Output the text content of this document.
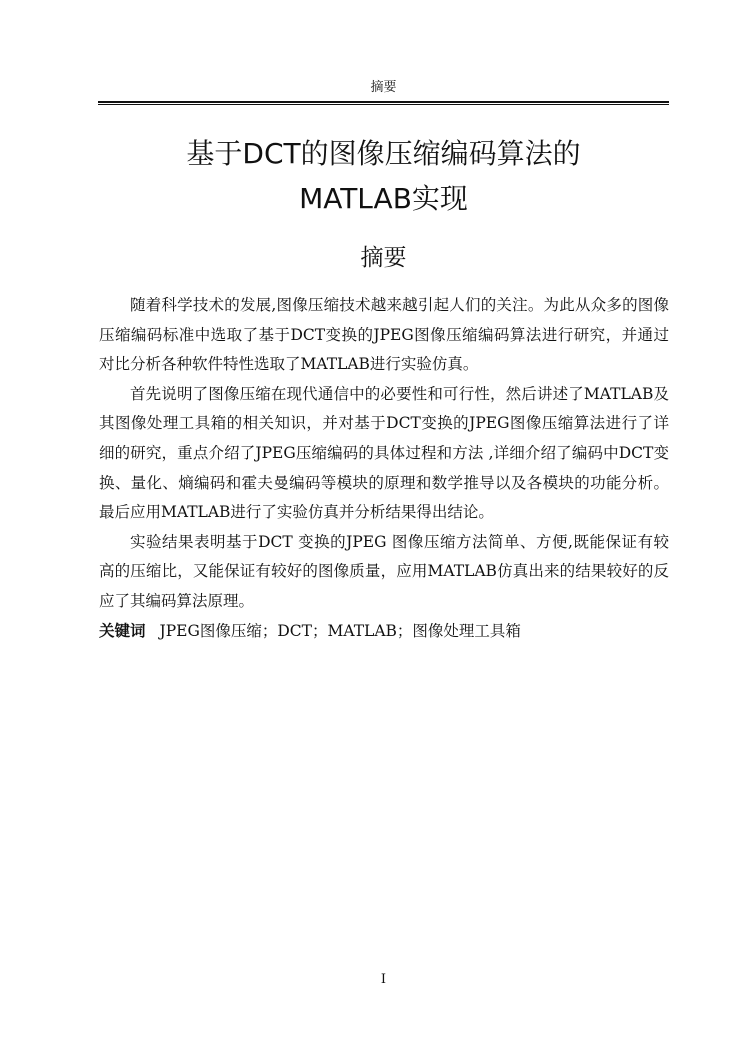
摘要
基于DCT的图像压缩编码算法的
MATLAB实现
摘要

随着科学技术的发展,图像压缩技术越来越引起人们的关注。为此从众多的图像压缩编码标准中选取了基于DCT变换的JPEG图像压缩编码算法进行研究，并通过对比分析各种软件特性选取了MATLAB进行实验仿真。

首先说明了图像压缩在现代通信中的必要性和可行性，然后讲述了MATLAB及其图像处理工具箱的相关知识，并对基于DCT变换的JPEG图像压缩算法进行了详细的研究，重点介绍了JPEG压缩编码的具体过程和方法 ,详细介绍了编码中DCT变换、量化、熵编码和霍夫曼编码等模块的原理和数学推导以及各模块的功能分析。最后应用MATLAB进行了实验仿真并分析结果得出结论。

实验结果表明基于DCT 变换的JPEG 图像压缩方法简单、方便,既能保证有较高的压缩比，又能保证有较好的图像质量，应用MATLAB仿真出来的结果较好的反应了其编码算法原理。

关键词 JPEG图像压缩；DCT；MATLAB；图像处理工具箱

I
